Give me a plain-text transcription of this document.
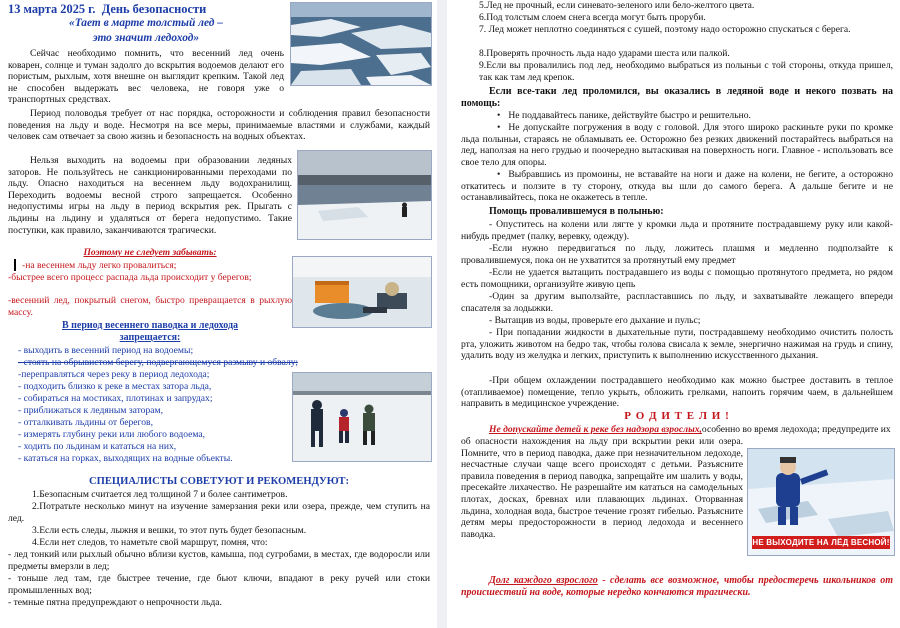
13 марта 2025 г. День безопасности

«Тает в марте толстый лед –

это значит ледоход»

Сейчас необходимо помнить, что весенний лед очень коварен, солнце и туман задолго до вскрытия водоемов делают его пористым, рыхлым, хотя внешне он выглядит крепким. Такой лед не способен выдержать вес человека, не говоря уже о транспортных средствах.

Период половодья требует от нас порядка, осторожности и соблюдения правил безопасности поведения на льду и воде. Несмотря на все меры, принимаемые властями и службами, каждый человек сам отвечает за свою жизнь и безопасность на водных объектах.

Нельзя выходить на водоемы при образовании ледяных заторов. Не пользуйтесь не санкционированными переходами по льду. Опасно находиться на весеннем льду водохранилищ. Переходить водоемы весной строго запрещается. Особенно недопустимы игры на льду в период вскрытия рек. Прыгать с льдины на льдину и удаляться от берега недопустимо. Такие поступки, как правило, заканчиваются трагически.

Поэтому не следует забывать:

-на весеннем льду легко провалиться;

-быстрее всего процесс распада льда происходит у берегов;

-весенний лед, покрытый снегом, быстро превращается в рыхлую массу.

В период весеннего паводка и ледохода

запрещается:

- выходить в весенний период на водоемы;

- стоять на обрывистом берегу, подвергающемуся размыву и обвалу;

-переправляться через реку в период ледохода;

- подходить близко к реке в местах затора льда,

- собираться на мостиках, плотинах и запрудах;

- приближаться к ледяным заторам,

- отталкивать льдины от берегов,

- измерять глубину реки или любого водоема,

- ходить по льдинам и кататься на них,

- кататься на горках, выходящих на водные объекты.

СПЕЦИАЛИСТЫ СОВЕТУЮТ И РЕКОМЕНДУЮТ:

1.Безопасным считается лед толщиной 7 и более сантиметров.

2.Потратьте несколько минут на изучение замерзания реки или озера, прежде, чем ступить на лед.

3.Если есть следы, лыжня и вешки, то этот путь будет безопасным.

4.Если нет следов, то наметьте свой маршрут, помня, что:

- лед тонкий или рыхлый обычно вблизи кустов, камыша, под сугробами, в местах, где водоросли или предметы вмерзли в лед;

- тоньше лед там, где быстрее течение, где бьют ключи, впадают в реку ручей или стоки промышленных вод;

- темные пятна предупреждают о непрочности льда.

5.Лед не прочный, если синевато-зеленого или бело-желтого цвета.

6.Под толстым слоем снега всегда могут быть проруби.

7. Лед может неплотно соединяться с сушей, поэтому надо осторожно спускаться с берега.

8.Проверять прочность льда надо ударами шеста или палкой.

9.Если вы провалились под лед, необходимо выбраться из полыньи с той стороны, откуда пришел, так как там лед крепок.

Если все-таки лед проломился, вы оказались в ледяной воде и некого позвать на помощь:

• Не поддавайтесь панике, действуйте быстро и решительно.

• Не допускайте погружения в воду с головой. Для этого широко раскиньте руки по кромке льда полыньи, стараясь не обламывать ее. Осторожно без резких движений постарайтесь выбраться на лед, наползая на него грудью и поочередно вытаскивая на поверхность ноги. Главное - использовать все свое тело для опоры.

• Выбравшись из промоины, не вставайте на ноги и даже на колени, не бегите, а осторожно откатитесь и ползите в ту сторону, откуда вы шли до самого берега. А дальше бегите и не останавливайтесь, пока не окажетесь в тепле.

Помощь провалившемуся в полынью:

- Опуститесь на колени или лягте у кромки льда и протяните пострадавшему руку или какой-нибудь предмет (палку, веревку, одежду).

-Если нужно передвигаться по льду, ложитесь плашмя и медленно подползайте к провалившемуся, пока он не ухватится за протянутый ему предмет

-Если не удается вытащить пострадавшего из воды с помощью протянутого предмета, но рядом есть помощники, организуйте живую цепь

-Один за другим выползайте, распластавшись по льду, и захватывайте лежащего впереди спасателя за лодыжки.

- Вытащив из воды, проверьте его дыхание и пульс;

- При попадании жидкости в дыхательные пути, пострадавшему необходимо очистить полость рта, уложить животом на бедро так, чтобы голова свисала к земле, энергично нажимая на грудь и спину, удалить воду из желудка и легких, приступить к выполнению искусственного дыхания.

-При общем охлаждении пострадавшего необходимо как можно быстрее доставить в теплое (отапливаемое) помещение, тепло укрыть, обложить грелками, напоить горячим чаем, в дальнейшем направить в медицинское учреждение.

Р О Д И Т Е Л И !

Не допускайте детей к реке без надзора взрослых,особенно во время ледохода; предупредите их

НЕ ВЫХОДИТЕ НА ЛЁД ВЕСНОЙ!

об опасности нахождения на льду при вскрытии реки или озера. Помните, что в период паводка, даже при незначительном ледоходе, несчастные случаи чаще всего происходят с детьми. Разъясните правила поведения в период паводка, запрещайте им шалить у воды, пресекайте лихачество. Не разрешайте им кататься на самодельных плотах, досках, бревнах или плавающих льдинах. Оторванная льдина, холодная вода, быстрое течение грозят гибелью. Разъясните детям меры предосторожности в период ледохода и весеннего паводка.

Долг каждого взрослого - сделать все возможное, чтобы предостеречь школьников от происшествий на воде, которые нередко кончаются трагически.
